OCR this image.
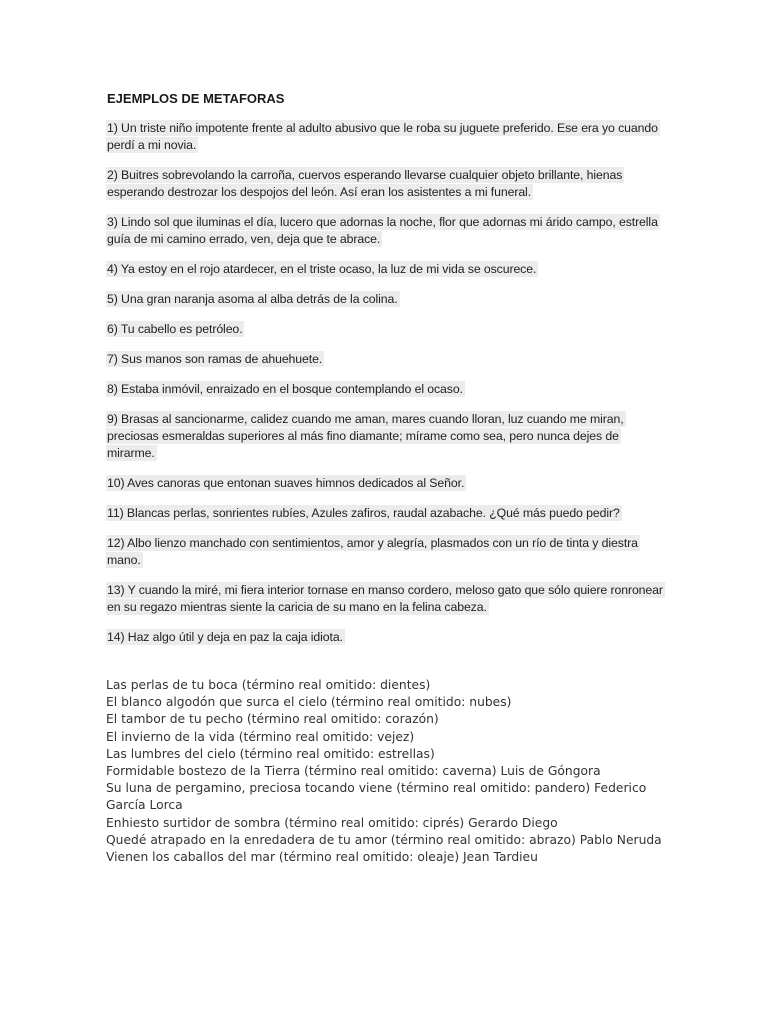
EJEMPLOS DE METAFORAS

1) Un triste niño impotente frente al adulto abusivo que le roba su juguete preferido. Ese era yo cuando perdí a mi novia.

2) Buitres sobrevolando la carroña, cuervos esperando llevarse cualquier objeto brillante, hienas esperando destrozar los despojos del león. Así eran los asistentes a mi funeral.

3) Lindo sol que iluminas el día, lucero que adornas la noche, flor que adornas mi árido campo, estrella guía de mi camino errado, ven, deja que te abrace.

4) Ya estoy en el rojo atardecer, en el triste ocaso, la luz de mi vida se oscurece.

5) Una gran naranja asoma al alba detrás de la colina.

6) Tu cabello es petróleo.

7) Sus manos son ramas de ahuehuete.

8) Estaba inmóvil, enraizado en el bosque contemplando el ocaso.

9) Brasas al sancionarme, calidez cuando me aman, mares cuando lloran, luz cuando me miran, preciosas esmeraldas superiores al más fino diamante; mírame como sea, pero nunca dejes de mirarme.

10) Aves canoras que entonan suaves himnos dedicados al Señor.

11) Blancas perlas, sonrientes rubíes, Azules zafiros, raudal azabache. ¿Qué más puedo pedir?

12) Albo lienzo manchado con sentimientos, amor y alegría, plasmados con un río de tinta y diestra mano.

13) Y cuando la miré, mi fiera interior tornase en manso cordero, meloso gato que sólo quiere ronronear en su regazo mientras siente la caricia de su mano en la felina cabeza.

14) Haz algo útil y deja en paz la caja idiota.

Las perlas de tu boca (término real omitido: dientes)
El blanco algodón que surca el cielo (término real omitido: nubes)
El tambor de tu pecho (término real omitido: corazón)
El invierno de la vida (término real omitido: vejez)
Las lumbres del cielo (término real omitido: estrellas)
Formidable bostezo de la Tierra (término real omitido: caverna) Luis de Góngora
Su luna de pergamino, preciosa tocando viene (término real omitido: pandero) Federico García Lorca
Enhiesto surtidor de sombra (término real omitido: ciprés) Gerardo Diego
Quedé atrapado en la enredadera de tu amor (término real omitido: abrazo) Pablo Neruda
Vienen los caballos del mar (término real omitido: oleaje) Jean Tardieu
